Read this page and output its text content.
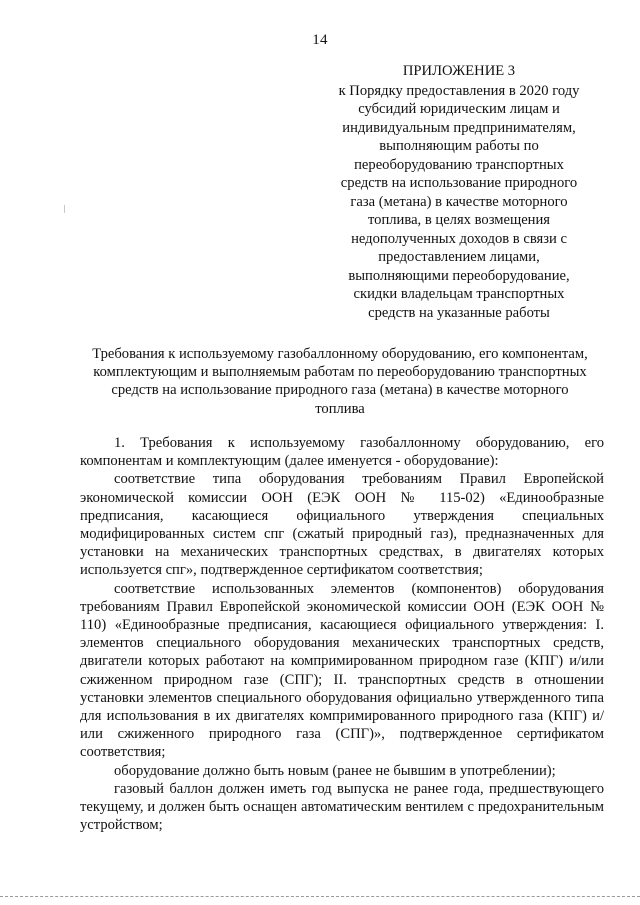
14
ПРИЛОЖЕНИЕ 3
к Порядку предоставления в 2020 году
субсидий юридическим лицам и
индивидуальным предпринимателям,
выполняющим работы по
переоборудованию транспортных
средств на использование природного
газа (метана) в качестве моторного
топлива, в целях возмещения
недополученных доходов в связи с
предоставлением лицами,
выполняющими переоборудование,
скидки владельцам транспортных
средств на указанные работы
Требования к используемому газобаллонному оборудованию, его компонентам,
комплектующим и выполняемым работам по переоборудованию транспортных
средств на использование природного газа (метана) в качестве моторного
топлива

1. Требования к используемому газобаллонному оборудованию, его компонентам и комплектующим (далее именуется - оборудование):

соответствие типа оборудования требованиям Правил Европейской экономической комиссии ООН (ЕЭК ООН № 115-02) «Единообразные предписания, касающиеся официального утверждения специальных модифицированных систем спг (сжатый природный газ), предназначенных для установки на механических транспортных средствах, в двигателях которых используется спг», подтвержденное сертификатом соответствия;

соответствие использованных элементов (компонентов) оборудования требованиям Правил Европейской экономической комиссии ООН (ЕЭК ООН № 110) «Единообразные предписания, касающиеся официального утверждения: I. элементов специального оборудования механических транспортных средств, двигатели которых работают на компримированном природном газе (КПГ) и/или сжиженном природном газе (СПГ); II. транспортных средств в отношении установки элементов специального оборудования официально утвержденного типа для использования в их двигателях компримированного природного газа (КПГ) и/или сжиженного природного газа (СПГ)», подтвержденное сертификатом соответствия;

оборудование должно быть новым (ранее не бывшим в употреблении);

газовый баллон должен иметь год выпуска не ранее года, предшествующего текущему, и должен быть оснащен автоматическим вентилем с предохранительным устройством;
